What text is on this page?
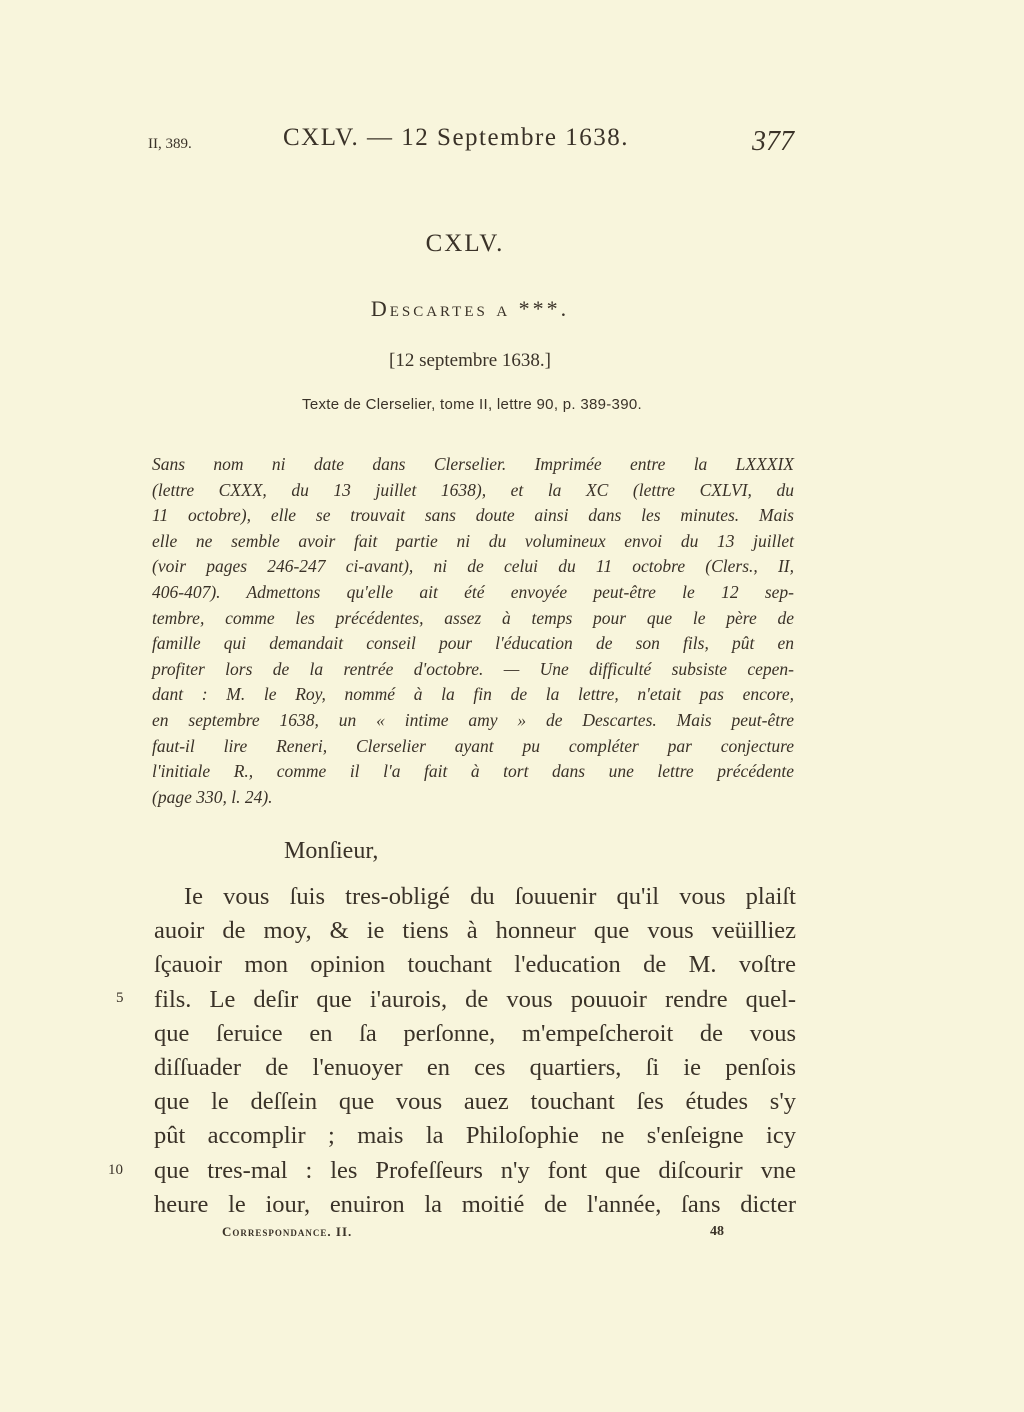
II, 389.	CXLV. — 12 Septembre 1638.	377
CXLV.
Descartes a ***.
[12 septembre 1638.]
Texte de Clerselier, tome II, lettre 90, p. 389-390.
Sans nom ni date dans Clerselier. Imprimée entre la LXXXIX
(lettre CXXX, du 13 juillet 1638), et la XC (lettre CXLVI, du
11 octobre), elle se trouvait sans doute ainsi dans les minutes. Mais
elle ne semble avoir fait partie ni du volumineux envoi du 13 juillet
(voir pages 246-247 ci-avant), ni de celui du 11 octobre (Clers., II,
406-407). Admettons qu'elle ait été envoyée peut-être le 12 sep-
tembre, comme les précédentes, assez à temps pour que le père de
famille qui demandait conseil pour l'éducation de son fils, pût en
profiter lors de la rentrée d'octobre. — Une difficulté subsiste cepen-
dant : M. le Roy, nommé à la fin de la lettre, n'etait pas encore,
en septembre 1638, un « intime amy » de Descartes. Mais peut-être
faut-il lire Reneri, Clerselier ayant pu compléter par conjecture
l'initiale R., comme il l'a fait à tort dans une lettre précédente
(page 330, l. 24).
Monſieur,
Ie vous ſuis tres-obligé du ſouuenir qu'il vous plaiſt
auoir de moy, & ie tiens à honneur que vous veüilliez
ſçauoir mon opinion touchant l'education de M. voſtre
fils. Le deſir que i'aurois, de vous pouuoir rendre quel-
que ſeruice en ſa perſonne, m'empeſcheroit de vous
diſſuader de l'enuoyer en ces quartiers, ſi ie penſois
que le deſſein que vous auez touchant ſes études s'y
pût accomplir ; mais la Philoſophie ne s'enſeigne icy
que tres-mal : les Profeſſeurs n'y font que diſcourir vne
heure le iour, enuiron la moitié de l'année, ſans dicter
5
10
Correspondance. II.	48
